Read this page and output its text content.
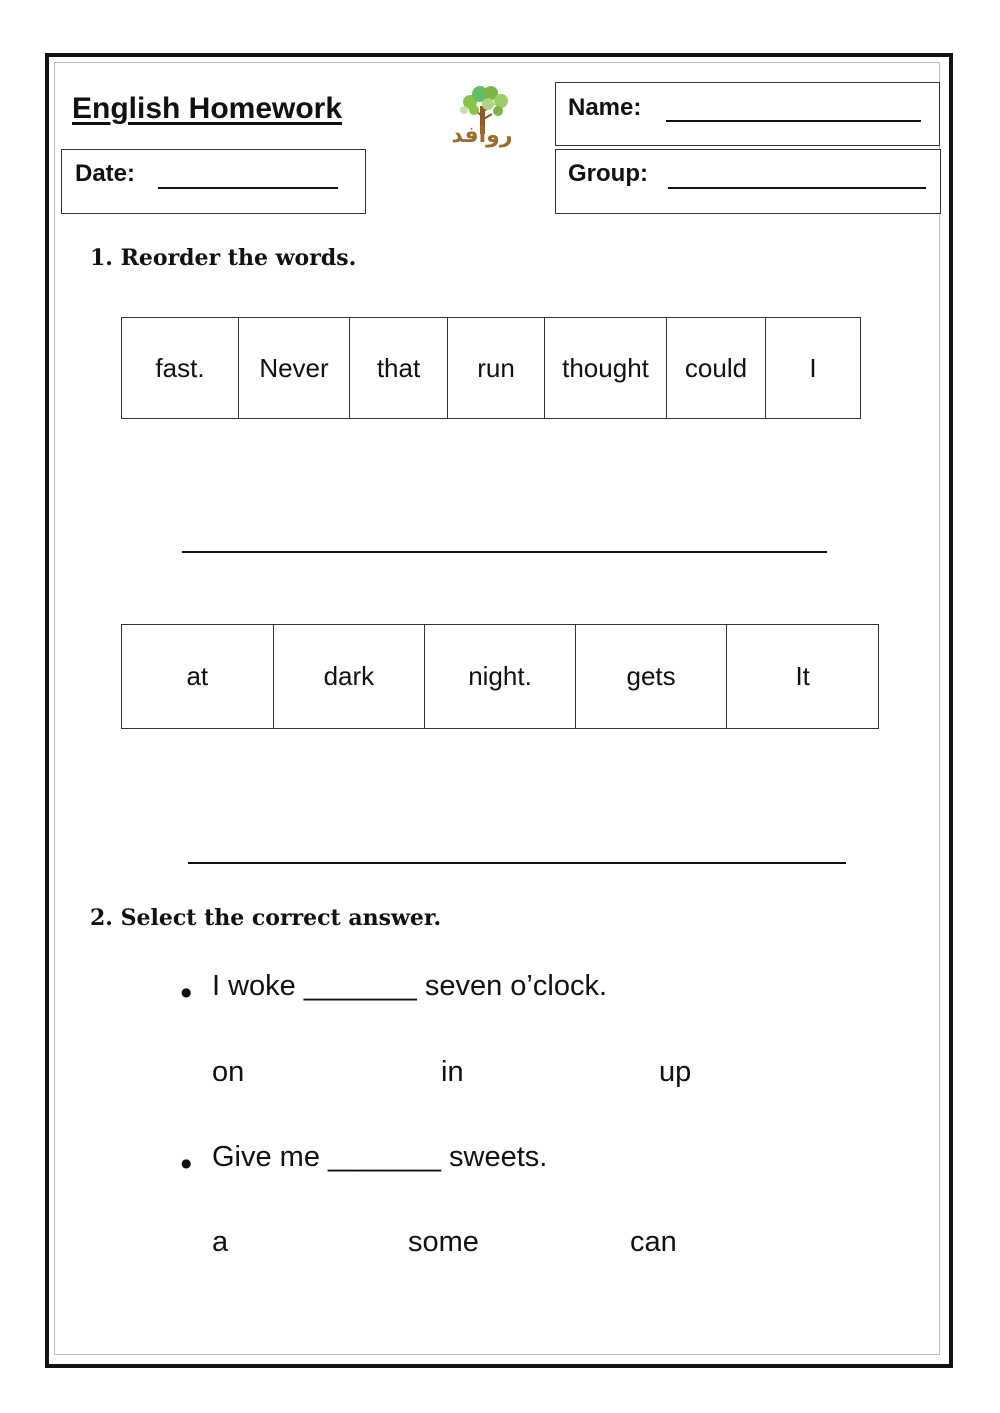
English Homework
روافد
Name:
Date:	Group:
1. Reorder the words.
fast.	Never	that	run	thought	could	I
at	dark	night.	gets	It
2. Select the correct answer.
● I woke _______ seven o’clock.
on	in	up
● Give me _______ sweets.
a	some	can
